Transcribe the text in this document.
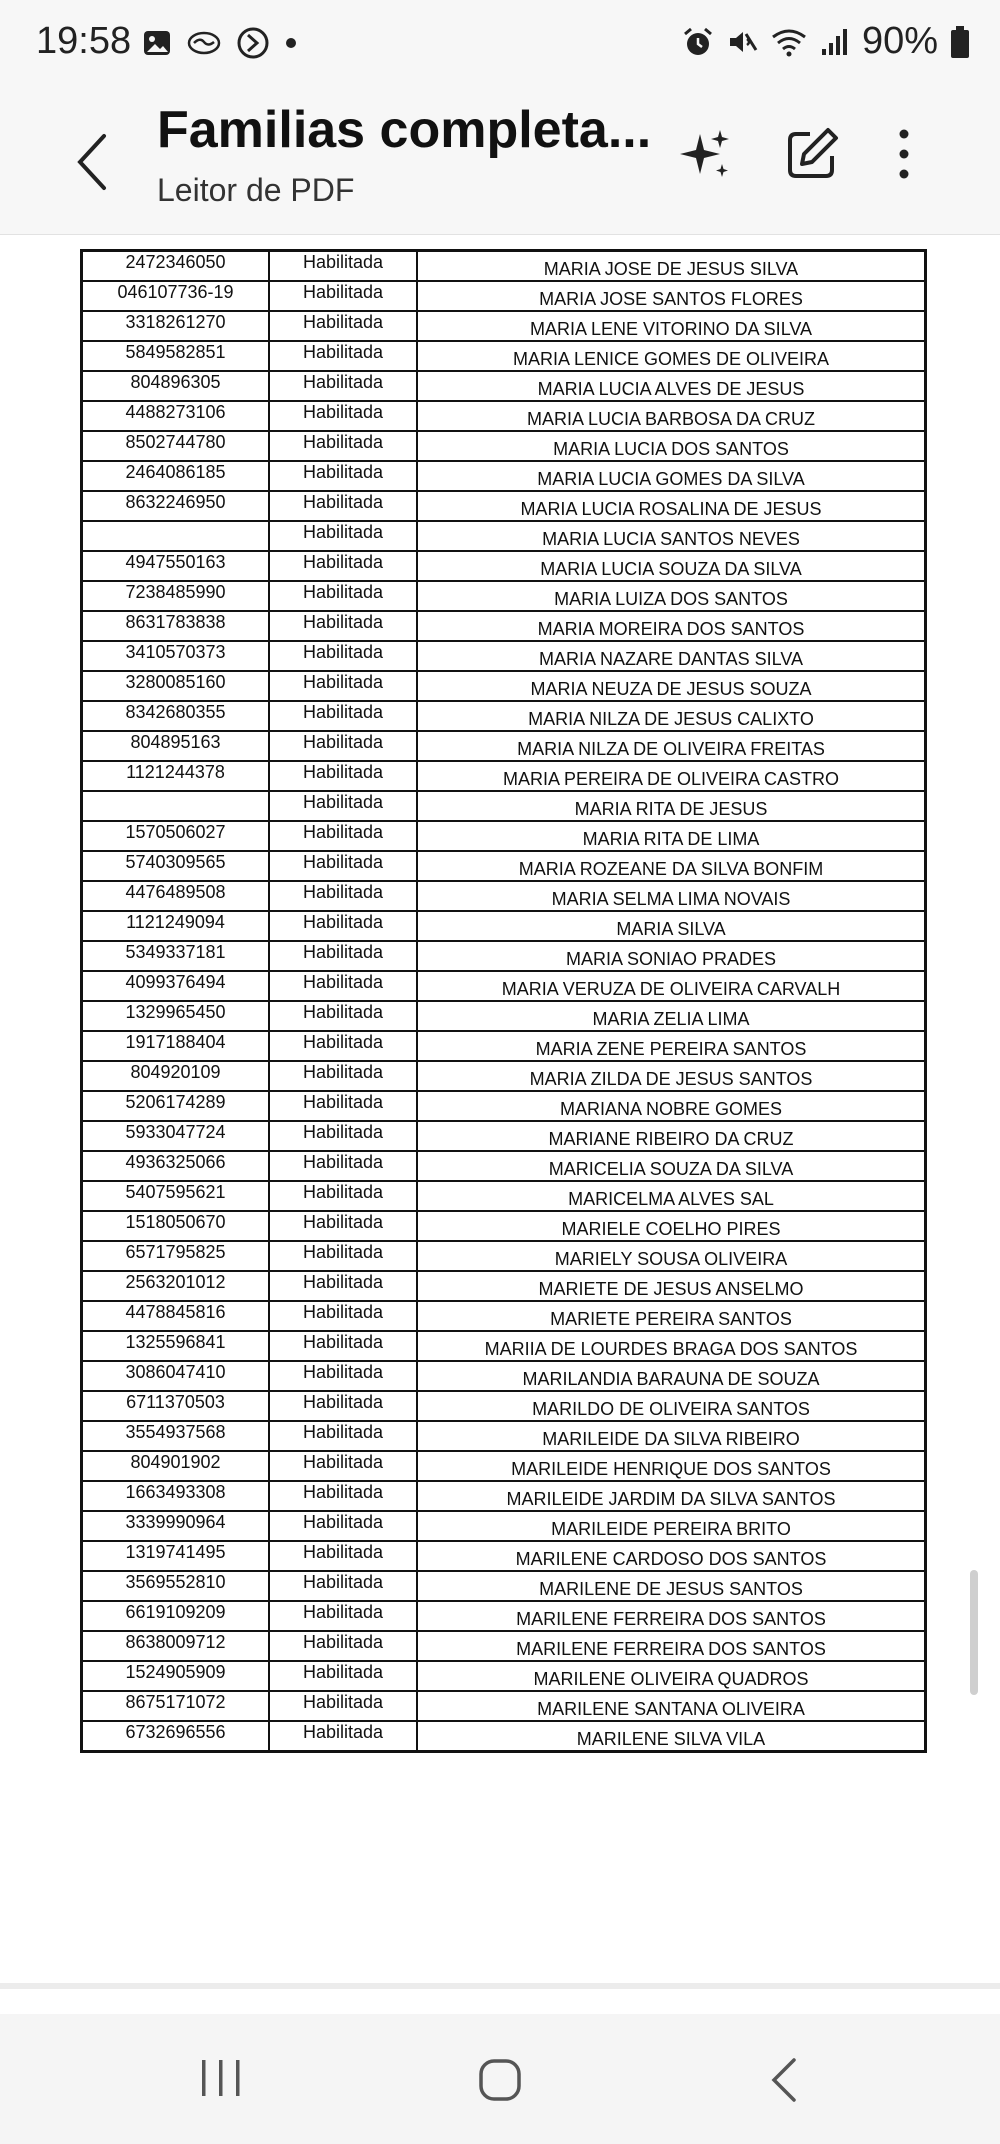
19:58	90%
Familias completa...
Leitor de PDF
2472346050	Habilitada	MARIA JOSE DE JESUS SILVA
046107736-19	Habilitada	MARIA JOSE SANTOS FLORES
3318261270	Habilitada	MARIA LENE VITORINO DA SILVA
5849582851	Habilitada	MARIA LENICE GOMES DE OLIVEIRA
804896305	Habilitada	MARIA LUCIA ALVES DE JESUS
4488273106	Habilitada	MARIA LUCIA BARBOSA DA CRUZ
8502744780	Habilitada	MARIA LUCIA DOS SANTOS
2464086185	Habilitada	MARIA LUCIA GOMES DA SILVA
8632246950	Habilitada	MARIA LUCIA ROSALINA DE JESUS
	Habilitada	MARIA LUCIA SANTOS NEVES
4947550163	Habilitada	MARIA LUCIA SOUZA DA SILVA
7238485990	Habilitada	MARIA LUIZA DOS SANTOS
8631783838	Habilitada	MARIA MOREIRA DOS SANTOS
3410570373	Habilitada	MARIA NAZARE DANTAS SILVA
3280085160	Habilitada	MARIA NEUZA DE JESUS SOUZA
8342680355	Habilitada	MARIA NILZA DE JESUS CALIXTO
804895163	Habilitada	MARIA NILZA DE OLIVEIRA FREITAS
1121244378	Habilitada	MARIA PEREIRA DE OLIVEIRA CASTRO
	Habilitada	MARIA RITA DE JESUS
1570506027	Habilitada	MARIA RITA DE LIMA
5740309565	Habilitada	MARIA ROZEANE DA SILVA BONFIM
4476489508	Habilitada	MARIA SELMA LIMA NOVAIS
1121249094	Habilitada	MARIA SILVA
5349337181	Habilitada	MARIA SONIAO PRADES
4099376494	Habilitada	MARIA VERUZA DE OLIVEIRA CARVALH
1329965450	Habilitada	MARIA ZELIA LIMA
1917188404	Habilitada	MARIA ZENE PEREIRA SANTOS
804920109	Habilitada	MARIA ZILDA DE JESUS SANTOS
5206174289	Habilitada	MARIANA NOBRE GOMES
5933047724	Habilitada	MARIANE RIBEIRO DA CRUZ
4936325066	Habilitada	MARICELIA SOUZA DA SILVA
5407595621	Habilitada	MARICELMA ALVES SAL
1518050670	Habilitada	MARIELE COELHO PIRES
6571795825	Habilitada	MARIELY SOUSA OLIVEIRA
2563201012	Habilitada	MARIETE DE JESUS ANSELMO
4478845816	Habilitada	MARIETE PEREIRA SANTOS
1325596841	Habilitada	MARIIA DE LOURDES BRAGA DOS SANTOS
3086047410	Habilitada	MARILANDIA BARAUNA DE SOUZA
6711370503	Habilitada	MARILDO DE OLIVEIRA SANTOS
3554937568	Habilitada	MARILEIDE DA SILVA RIBEIRO
804901902	Habilitada	MARILEIDE HENRIQUE DOS SANTOS
1663493308	Habilitada	MARILEIDE JARDIM DA SILVA SANTOS
3339990964	Habilitada	MARILEIDE PEREIRA BRITO
1319741495	Habilitada	MARILENE CARDOSO DOS SANTOS
3569552810	Habilitada	MARILENE DE JESUS SANTOS
6619109209	Habilitada	MARILENE FERREIRA DOS SANTOS
8638009712	Habilitada	MARILENE FERREIRA DOS SANTOS
1524905909	Habilitada	MARILENE OLIVEIRA QUADROS
8675171072	Habilitada	MARILENE SANTANA OLIVEIRA
6732696556	Habilitada	MARILENE SILVA VILA
